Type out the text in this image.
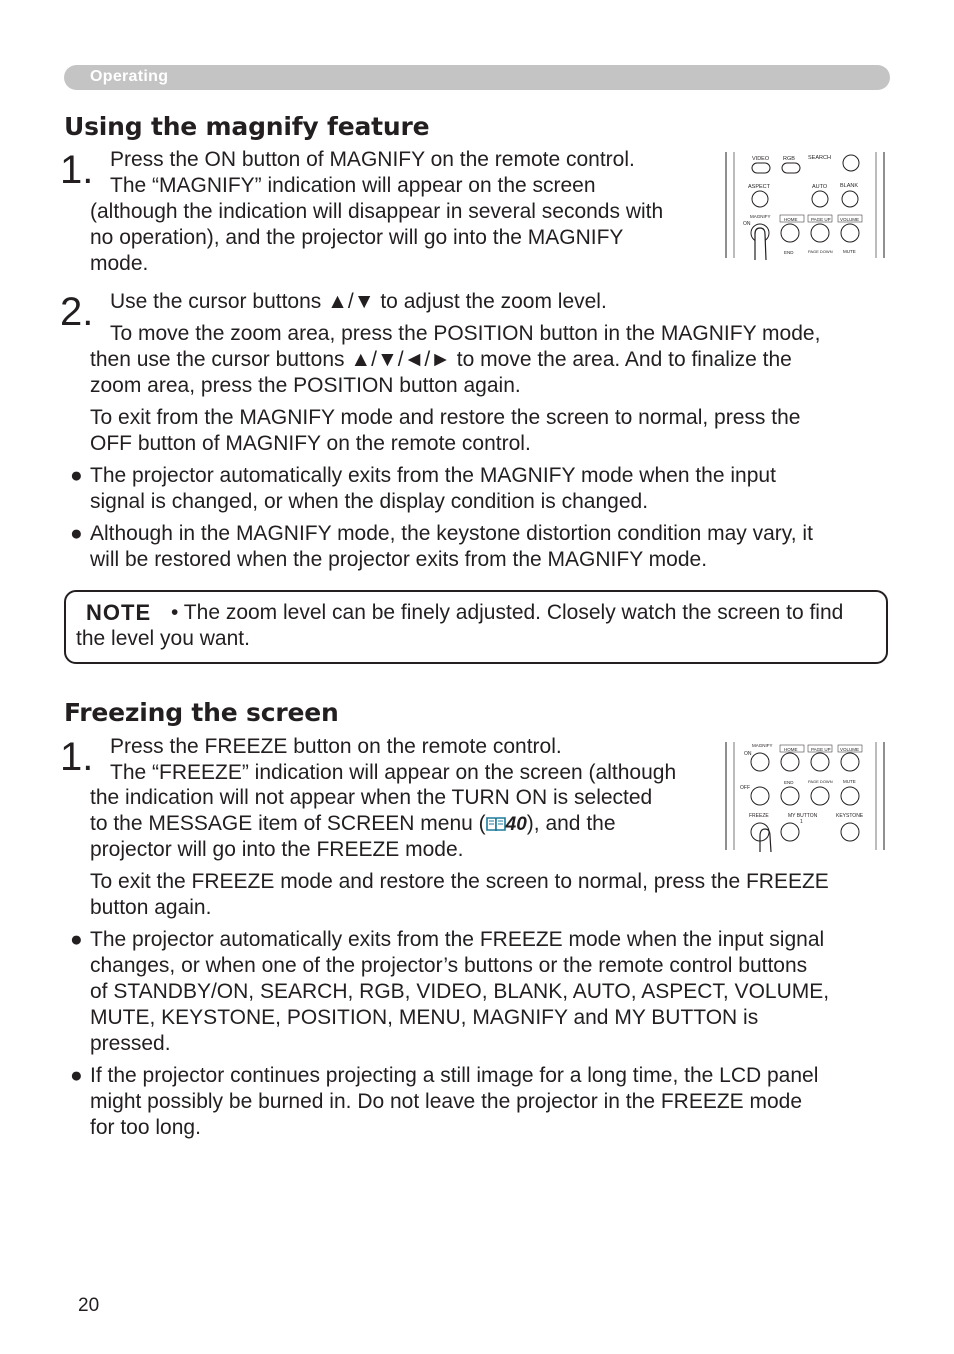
Operating
Using the magnify feature
1. Press the ON button of MAGNIFY on the remote control.
The “MAGNIFY” indication will appear on the screen
(although the indication will disappear in several seconds with
no operation), and the projector will go into the MAGNIFY
mode.
VIDEO	RGB SEARCH
ASPECT	AUTO BLANK
MAGNIFY
ON
HOME	PAGE UP VOLUME
END	PAGE DOWN MUTE
2. Use the cursor buttons ▲/▼ to adjust the zoom level.
To move the zoom area, press the POSITION button in the MAGNIFY mode,
then use the cursor buttons ▲/▼/◄/► to move the area. And to finalize the
zoom area, press the POSITION button again.
To exit from the MAGNIFY mode and restore the screen to normal, press the
OFF button of MAGNIFY on the remote control.
● The projector automatically exits from the MAGNIFY mode when the input
signal is changed, or when the display condition is changed.
● Although in the MAGNIFY mode, the keystone distortion condition may vary, it
will be restored when the projector exits from the MAGNIFY mode.
• The zoom level can be finely adjusted. Closely watch the screen to find the level you want.
NOTE
Freezing the screen
1. Press the FREEZE button on the remote control.
The “FREEZE” indication will appear on the screen (although
the indication will not appear when the TURN ON is selected
to the MESSAGE item of SCREEN menu ( 40), and the
projector will go into the FREEZE mode.
To exit the FREEZE mode and restore the screen to normal, press the FREEZE
button again.
MAGNIFY
ON
HOME	PAGE UP VOLUME
END	PAGE DOWN MUTE
OFF
FREEZE	MY BUTTON
1
KEYSTONE
● The projector automatically exits from the FREEZE mode when the input signal
changes, or when one of the projector’s buttons or the remote control buttons
of STANDBY/ON, SEARCH, RGB, VIDEO, BLANK, AUTO, ASPECT, VOLUME,
MUTE, KEYSTONE, POSITION, MENU, MAGNIFY and MY BUTTON is
pressed.
● If the projector continues projecting a still image for a long time, the LCD panel
might possibly be burned in. Do not leave the projector in the FREEZE mode
for too long.
20
